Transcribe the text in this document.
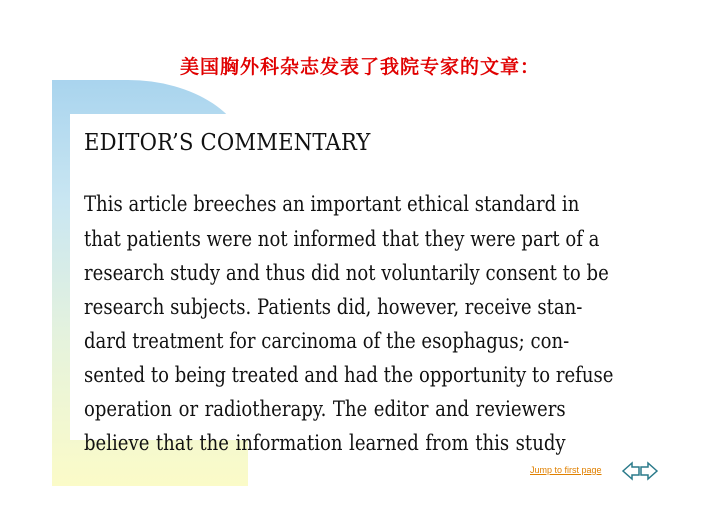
美国胸外科杂志发表了我院专家的文章：
EDITOR’S COMMENTARY

This article breeches an important ethical standard in

that patients were not informed that they were part of a

research study and thus did not voluntarily consent to be

research subjects. Patients did, however, receive stan-

dard treatment for carcinoma of the esophagus; con-

sented to being treated and had the opportunity to refuse

operation or radiotherapy. The editor and reviewers

believe that the information learned from this study

Jump to first page
